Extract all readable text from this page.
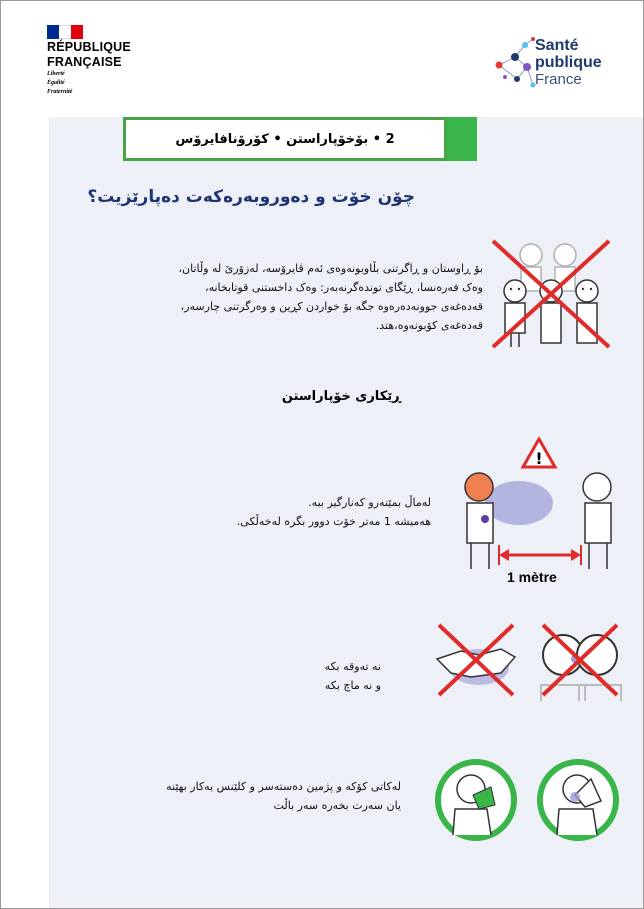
RÉPUBLIQUE
FRANÇAISE
Liberté
Égalité
Fraternité
Santé
publique
France
2 • بۆخۆپاراستن • کۆرۆنافایرۆس
چۆن خۆت و دەوروبەرەکەت دەپارێزیت؟
بۆ ڕاوستان و ڕاگرتنی بڵاوبونەوەی ئەم ڤایرۆسە، لەزۆرێ لە وڵاتان،
وەک فەرەنسا، ڕێگای توندەگرنەبەر: وەک داخستنی قوتابخانە،
قەدەغەی جوونەدەرەوە جگە بۆ خواردن کڕین و وەرگرتنی چارسەر،
قەدەغەی کۆبونەوە،هتد.
ڕێکاری خۆپاراستن
لەماڵ بمێنەرو کەنارگیر ببە.
هەمیشە 1 مەتر خۆت دوور بگرە لەخەڵکی.
!
1 mètre
نە تەوقە بکە
و نە ماچ بکە
لەکاتی کۆکە و پژمین دەستەسر و کلێنس بەکار بهێنە
یان سەرت بخەرە سەر باڵت
